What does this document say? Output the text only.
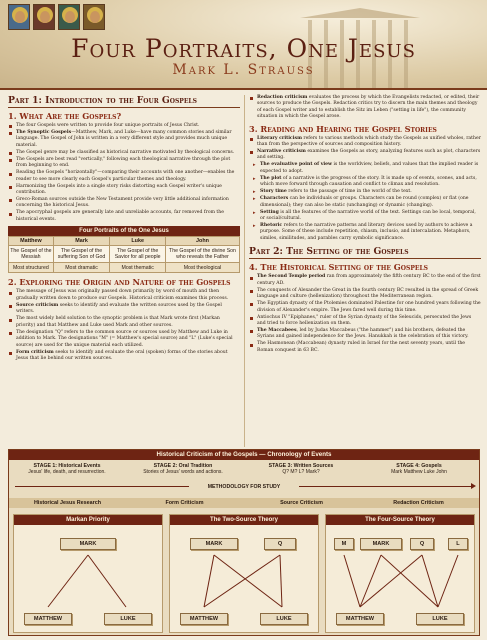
Four Portraits, One Jesus
Mark L. Strauss
Part 1: Introduction to the Four Gospels
1. What Are the Gospels?
The four Gospels were written to provide four unique portraits of Jesus Christ.
The Synoptic Gospels—Matthew, Mark, and Luke—have many common stories and similar language. The Gospel of John is written in a very different style and provides much unique material.
The Gospel genre may be classified as historical narrative motivated by theological concerns.
The Gospels are best read "vertically," following each theological narrative through the plot from beginning to end.
Reading the Gospels "horizontally"—comparing their accounts with one another—enables the reader to see more clearly each Gospel's particular themes and theology.
Harmonizing the Gospels into a single story risks distorting each Gospel writer's unique contribution.
Greco-Roman sources outside the New Testament provide very little additional information concerning the historical Jesus.
The apocryphal gospels are generally late and unreliable accounts, far removed from the historical events.
Four Portraits of the One Jesus
Matthew	Mark	Luke	John
The Gospel of the Messiah	The Gospel of the suffering Son of God	The Gospel of the Savior for all people	The Gospel of the divine Son who reveals the Father
Most structured	Most dramatic	Most thematic	Most theological
2. Exploring the Origin and Nature of the Gospels
The message of Jesus was originally passed down primarily by word of mouth and then gradually written down to produce our Gospels. Historical criticism examines this process.
Source criticism seeks to identify and evaluate the written sources used by the Gospel writers.
The most widely held solution to the synoptic problem is that Mark wrote first (Markan priority) and that Matthew and Luke used Mark and other sources.
The designation "Q" refers to the common source or sources used by Matthew and Luke in addition to Mark. The designations "M" (= Matthew's special source) and "L" (Luke's special source) are used for the unique material each utilized.
Form criticism seeks to identify and evaluate the oral (spoken) forms of the stories about Jesus that lie behind our written sources.
Redaction criticism evaluates the process by which the Evangelists redacted, or edited, their sources to produce the Gospels. Redaction critics try to discern the main themes and theology of each Gospel writer and to establish the Sitz im Leben ("setting in life"), the community situation in which the Gospel arose.
3. Reading and Hearing the Gospel Stories
Literary criticism refers to various methods which study the Gospels as unified wholes, rather than from the perspective of sources and composition history.
Narrative criticism examines the Gospels as story, analyzing features such as plot, characters and setting.
▸ The evaluative point of view is the worldview, beliefs, and values that the implied reader is expected to adopt.
▸ The plot of a narrative is the progress of the story. It is made up of events, scenes, and acts, which move forward through causation and conflict to climax and resolution.
▸ Story time refers to the passage of time in the world of the text.
▸ Characters can be individuals or groups. Characters can be round (complex) or flat (one dimensional); they can also be static (unchanging) or dynamic (changing).
▸ Setting is all the features of the narrative world of the text. Settings can be local, temporal, or social/cultural.
▸ Rhetoric refers to the narrative patterns and literary devices used by authors to achieve a purpose. Some of these include repetition, chiasm, inclusio, and intercalation. Metaphors, similes, similitudes, and parables carry symbolic significance.
Part 2: The Setting of the Gospels
4. The Historical Setting of the Gospels
The Second Temple period ran from approximately the fifth century BC to the end of the first century AD.
The conquests of Alexander the Great in the fourth century BC resulted in the spread of Greek language and culture (hellenization) throughout the Mediterranean region.
The Egyptian dynasty of the Ptolemies dominated Palestine for one hundred years following the division of Alexander's empire. The Jews fared well during this time.
Antiochus IV "Epiphanes," ruler of the Syrian dynasty of the Seleucids, persecuted the Jews and tried to force hellenization on them.
The Maccabees, led by Judas Maccabeus ("the hammer") and his brothers, defeated the Syrians and gained independence for the Jews. Hanukkah is the celebration of this victory.
The Hasmonean (Maccabean) dynasty ruled in Israel for the next seventy years, until the Roman conquest in 63 BC.
Historical Criticism of the Gospels — Chronology of Events
STAGE 1: Historical Events
Jesus' life, death, and resurrection.
STAGE 2: Oral Tradition
Stories of Jesus' words and actions.
STAGE 3: Written Sources
Q? M? L? Mark?
STAGE 4: Gospels
Mark Matthew Luke John
METHODOLOGY FOR STUDY
Historical Jesus Research	Form Criticism	Source Criticism	Redaction Criticism
Markan Priority
MARK
MATTHEW	LUKE
The Two-Source Theory
MARK	Q
MATTHEW	LUKE
The Four-Source Theory
M	MARK	Q	L
MATTHEW	LUKE
